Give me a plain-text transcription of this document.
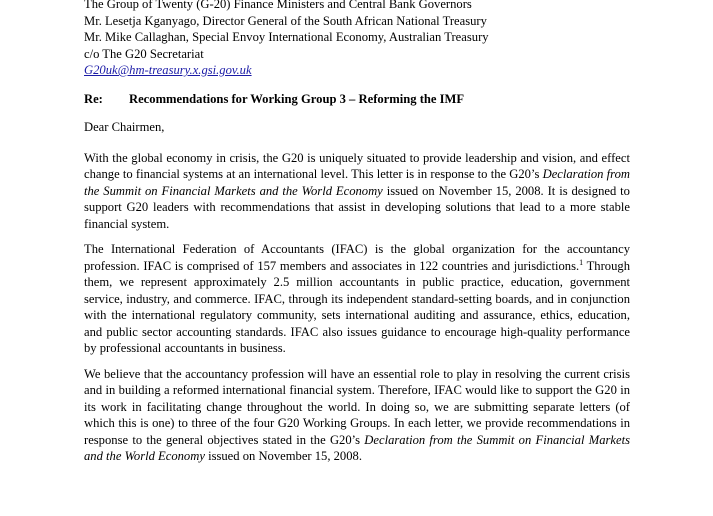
The Group of Twenty (G-20) Finance Ministers and Central Bank Governors
Mr. Lesetja Kganyago, Director General of the South African National Treasury
Mr. Mike Callaghan, Special Envoy International Economy, Australian Treasury
c/o The G20 Secretariat
G20uk@hm-treasury.x.gsi.gov.uk
Re: Recommendations for Working Group 3 – Reforming the IMF
Dear Chairmen,
With the global economy in crisis, the G20 is uniquely situated to provide leadership and vision, and effect change to financial systems at an international level. This letter is in response to the G20’s Declaration from the Summit on Financial Markets and the World Economy issued on November 15, 2008. It is designed to support G20 leaders with recommendations that assist in developing solutions that lead to a more stable financial system.
The International Federation of Accountants (IFAC) is the global organization for the accountancy profession. IFAC is comprised of 157 members and associates in 122 countries and jurisdictions.$^1$ Through them, we represent approximately 2.5 million accountants in public practice, education, government service, industry, and commerce. IFAC, through its independent standard-setting boards, and in conjunction with the international regulatory community, sets international auditing and assurance, ethics, education, and public sector accounting standards. IFAC also issues guidance to encourage high-quality performance by professional accountants in business.
We believe that the accountancy profession will have an essential role to play in resolving the current crisis and in building a reformed international financial system. Therefore, IFAC would like to support the G20 in its work in facilitating change throughout the world. In doing so, we are submitting separate letters (of which this is one) to three of the four G20 Working Groups. In each letter, we provide recommendations in response to the general objectives stated in the G20’s Declaration from the Summit on Financial Markets and the World Economy issued on November 15, 2008.
